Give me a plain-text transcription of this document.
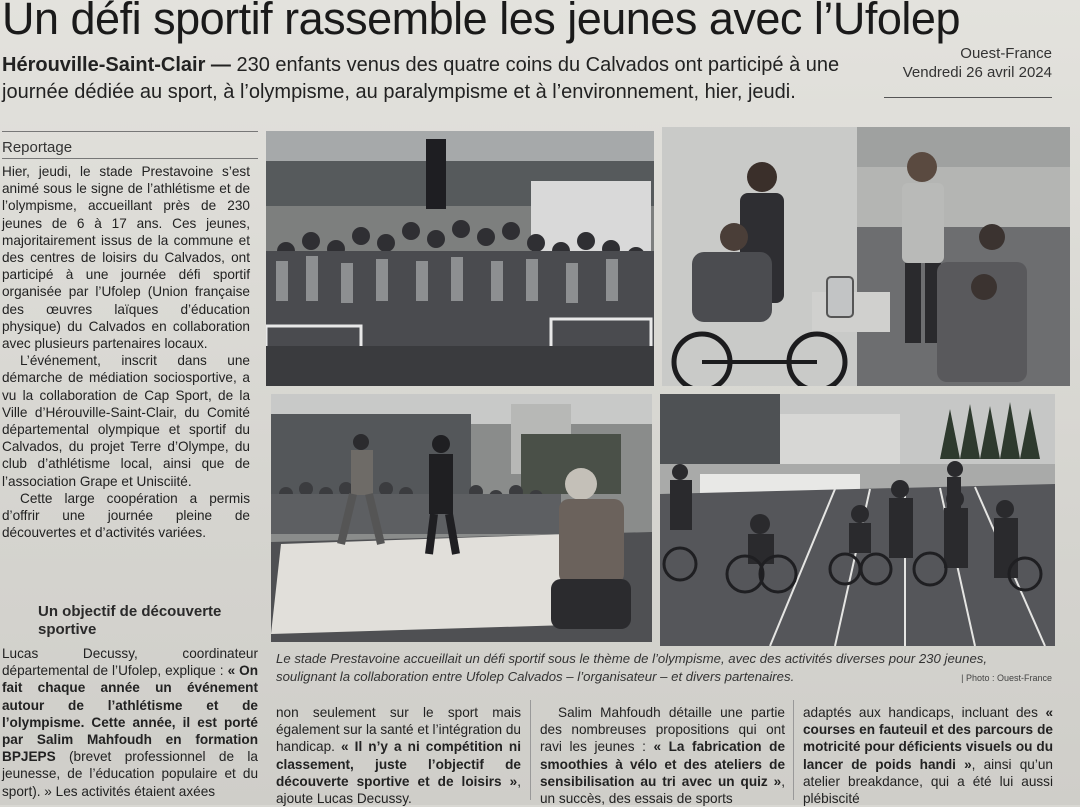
Un défi sportif rassemble les jeunes avec l’Ufolep
Ouest-France
Vendredi 26 avril 2024
Hérouville-Saint-Clair — 230 enfants venus des quatre coins du Calvados ont participé à une journée dédiée au sport, à l’olympisme, au paralympisme et à l’environnement, hier, jeudi.
Reportage

Hier, jeudi, le stade Prestavoine s’est animé sous le signe de l’athlétisme et de l’olympisme, accueillant près de 230 jeunes de 6 à 17 ans. Ces jeunes, majoritairement issus de la commune et des centres de loisirs du Calvados, ont participé à une journée défi sportif organisée par l’Ufolep (Union française des œuvres laïques d’éducation physique) du Calvados en collaboration avec plusieurs partenaires locaux.

L’événement, inscrit dans une démarche de médiation sociosportive, a vu la collaboration de Cap Sport, de la Ville d’Hérouville-Saint-Clair, du Comité départemental olympique et sportif du Calvados, du projet Terre d’Olympe, du club d’athlétisme local, ainsi que de l’association Grape et Unisciité.

Cette large coopération a permis d’offrir une journée pleine de découvertes et d’activités variées.

Un objectif de découverte sportive

Lucas Decussy, coordinateur départemental de l’Ufolep, explique : « On fait chaque année un événement autour de l’athlétisme et de l’olympisme. Cette année, il est porté par Salim Mahfoudh en formation BPJEPS (brevet professionnel de la jeunesse, de l’éducation populaire et du sport). » Les activités étaient axées

Le stade Prestavoine accueillait un défi sportif sous le thème de l’olympisme, avec des activités diverses pour 230 jeunes, soulignant la collaboration entre Ufolep Calvados – l’organisateur – et divers partenaires.	| Photo : Ouest-France

non seulement sur le sport mais également sur la santé et l’intégration du handicap. « Il n’y a ni compétition ni classement, juste l’objectif de découverte sportive et de loisirs », ajoute Lucas Decussy.

Salim Mahfoudh détaille une partie des nombreuses propositions qui ont ravi les jeunes : « La fabrication de smoothies à vélo et des ateliers de sensibilisation au tri avec un quiz », un succès, des essais de sports

adaptés aux handicaps, incluant des « courses en fauteuil et des parcours de motricité pour déficients visuels ou du lancer de poids handi », ainsi qu’un atelier breakdance, qui a été lui aussi plébiscité
